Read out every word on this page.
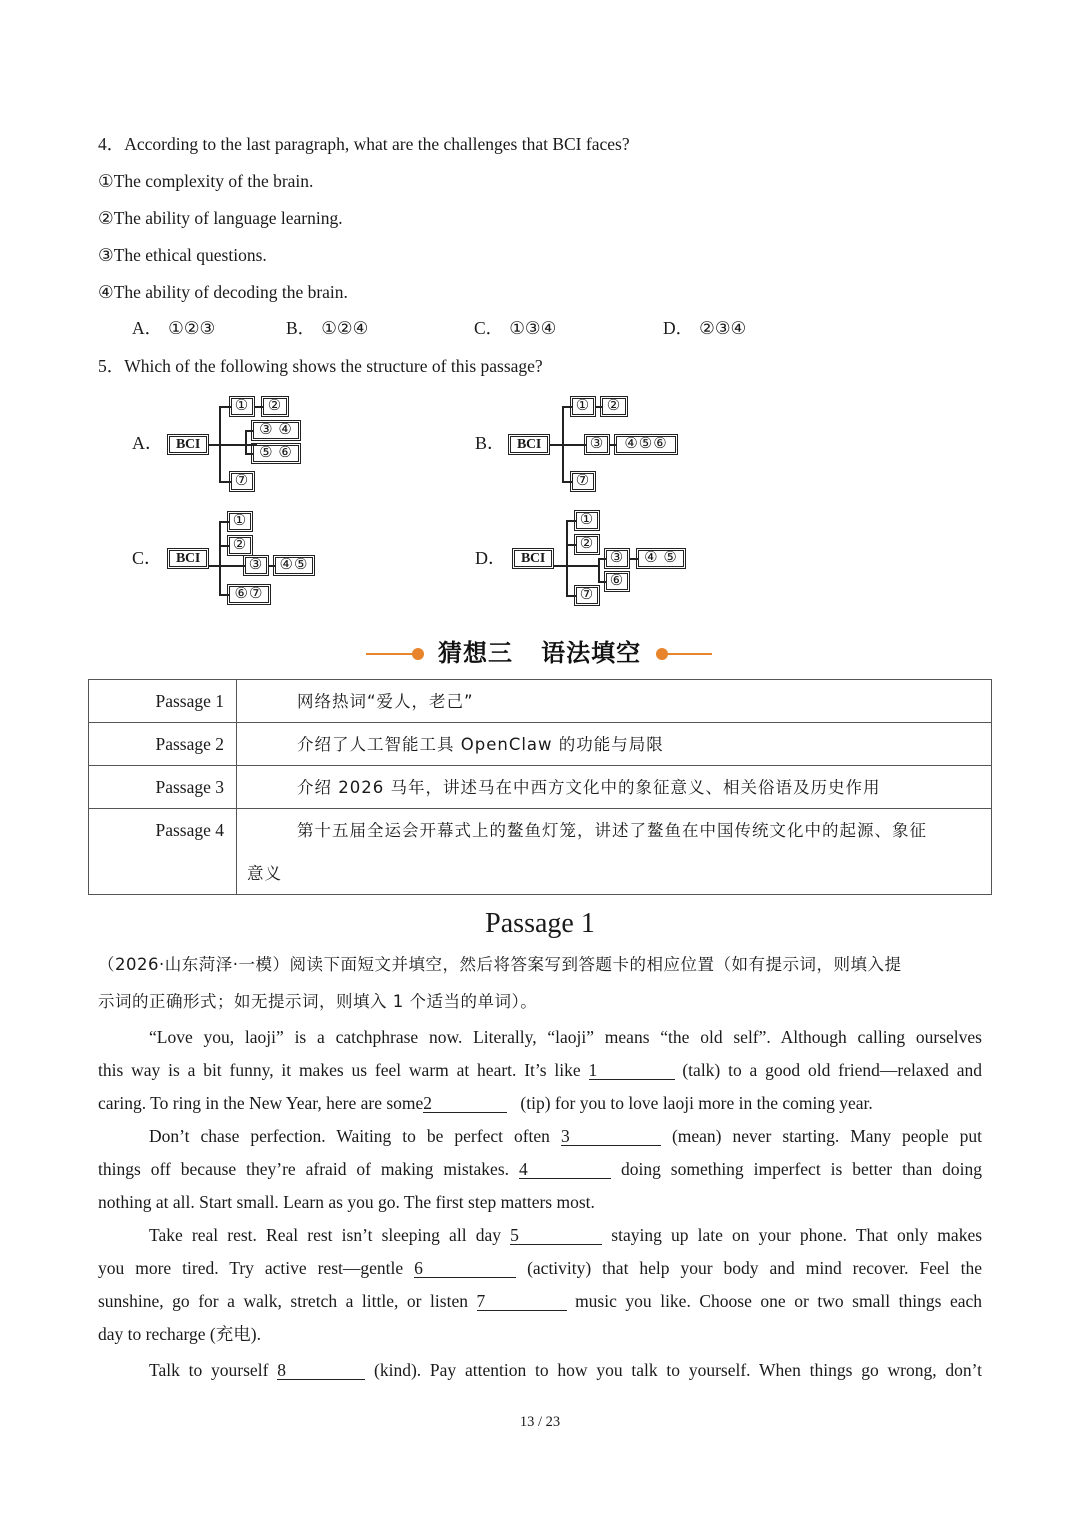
4．According to the last paragraph, what are the challenges that BCI faces?
①The complexity of the brain.
②The ability of language learning.
③The ethical questions.
④The ability of decoding the brain.
A． ①②③	B． ①②④	C． ①③④	D． ②③④
5．Which of the following shows the structure of this passage?
A． BCI
①	②
③ ④
⑤ ⑥
⑦
B． BCI
①	②
③	④⑤⑥
⑦
C． BCI
①
②
③	④⑤
⑥⑦
D．	BCI
①
②
③	④ ⑤
⑥
⑦
猜想三   语法填空
Passage 1	网络热词“爱人，老己”
Passage 2	介绍了人工智能工具 OpenClaw 的功能与局限
Passage 3	介绍 2026 马年，讲述马在中西方文化中的象征意义、相关俗语及历史作用
Passage 4	第十五届全运会开幕式上的鳌鱼灯笼，讲述了鳌鱼在中国传统文化中的起源、象征
意义
Passage 1
（2026·山东菏泽·一模）阅读下面短文并填空，然后将答案写到答题卡的相应位置（如有提示词，则填入提
示词的正确形式；如无提示词，则填入 1 个适当的单词）。
“Love you, laoji” is a catchphrase now. Literally, “laoji” means “the old self”. Although calling ourselves
this way is a bit funny, it makes us feel warm at heart. It’s like 1	(talk) to a good old friend—relaxed and
caring. To ring in the New Year, here are some2	(tip) for you to love laoji more in the coming year.
Don’t chase perfection. Waiting to be perfect often 3	(mean) never starting. Many people put
things off because they’re afraid of making mistakes. 4	doing something imperfect is better than doing
nothing at all. Start small. Learn as you go. The first step matters most.
Take real rest. Real rest isn’t sleeping all day 5	staying up late on your phone. That only makes
you more tired. Try active rest—gentle 6	(activity) that help your body and mind recover. Feel the
sunshine, go for a walk, stretch a little, or listen 7	music you like. Choose one or two small things each
day to recharge (充电).
Talk to yourself 8	(kind). Pay attention to how you talk to yourself. When things go wrong, don’t
13 / 23
